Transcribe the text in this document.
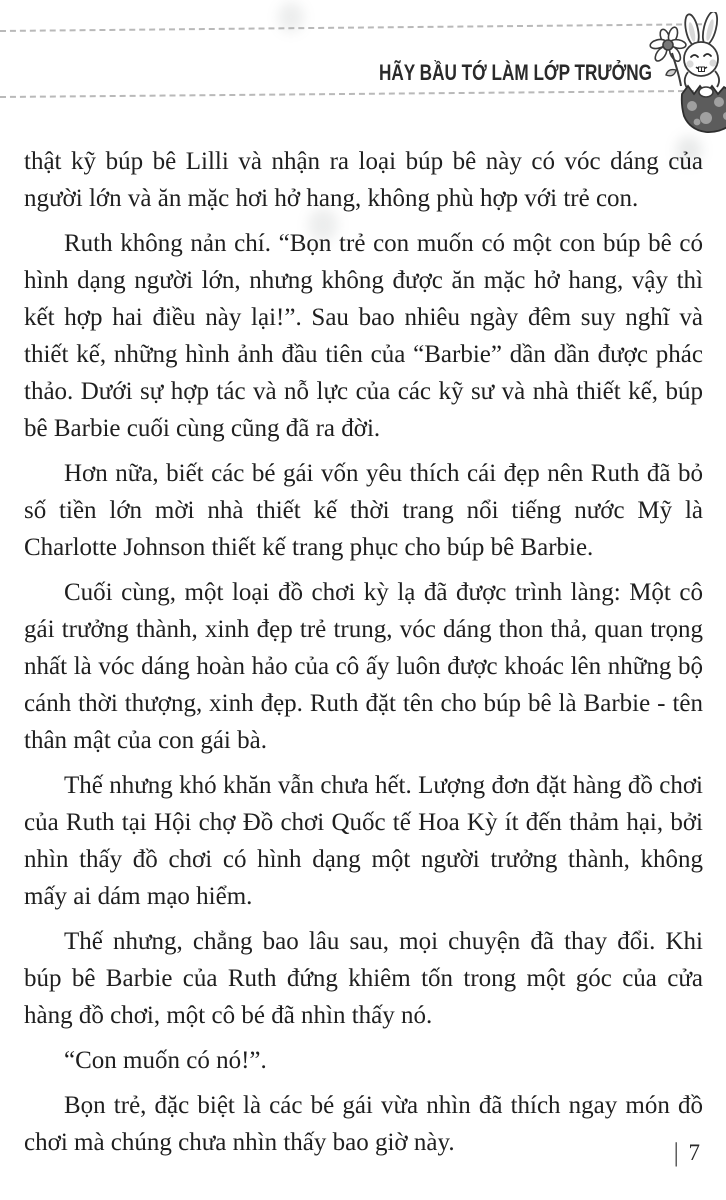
HÃY BẦU TỚ LÀM LỚP TRƯỞNG

thật kỹ búp bê Lilli và nhận ra loại búp bê này có vóc dáng của người lớn và ăn mặc hơi hở hang, không phù hợp với trẻ con.

Ruth không nản chí. “Bọn trẻ con muốn có một con búp bê có hình dạng người lớn, nhưng không được ăn mặc hở hang, vậy thì kết hợp hai điều này lại!”. Sau bao nhiêu ngày đêm suy nghĩ và thiết kế, những hình ảnh đầu tiên của “Barbie” dần dần được phác thảo. Dưới sự hợp tác và nỗ lực của các kỹ sư và nhà thiết kế, búp bê Barbie cuối cùng cũng đã ra đời.

Hơn nữa, biết các bé gái vốn yêu thích cái đẹp nên Ruth đã bỏ số tiền lớn mời nhà thiết kế thời trang nổi tiếng nước Mỹ là Charlotte Johnson thiết kế trang phục cho búp bê Barbie.

Cuối cùng, một loại đồ chơi kỳ lạ đã được trình làng: Một cô gái trưởng thành, xinh đẹp trẻ trung, vóc dáng thon thả, quan trọng nhất là vóc dáng hoàn hảo của cô ấy luôn được khoác lên những bộ cánh thời thượng, xinh đẹp. Ruth đặt tên cho búp bê là Barbie - tên thân mật của con gái bà.

Thế nhưng khó khăn vẫn chưa hết. Lượng đơn đặt hàng đồ chơi của Ruth tại Hội chợ Đồ chơi Quốc tế Hoa Kỳ ít đến thảm hại, bởi nhìn thấy đồ chơi có hình dạng một người trưởng thành, không mấy ai dám mạo hiểm.

Thế nhưng, chẳng bao lâu sau, mọi chuyện đã thay đổi. Khi búp bê Barbie của Ruth đứng khiêm tốn trong một góc của cửa hàng đồ chơi, một cô bé đã nhìn thấy nó.

“Con muốn có nó!”.

Bọn trẻ, đặc biệt là các bé gái vừa nhìn đã thích ngay món đồ chơi mà chúng chưa nhìn thấy bao giờ này.	| 7
